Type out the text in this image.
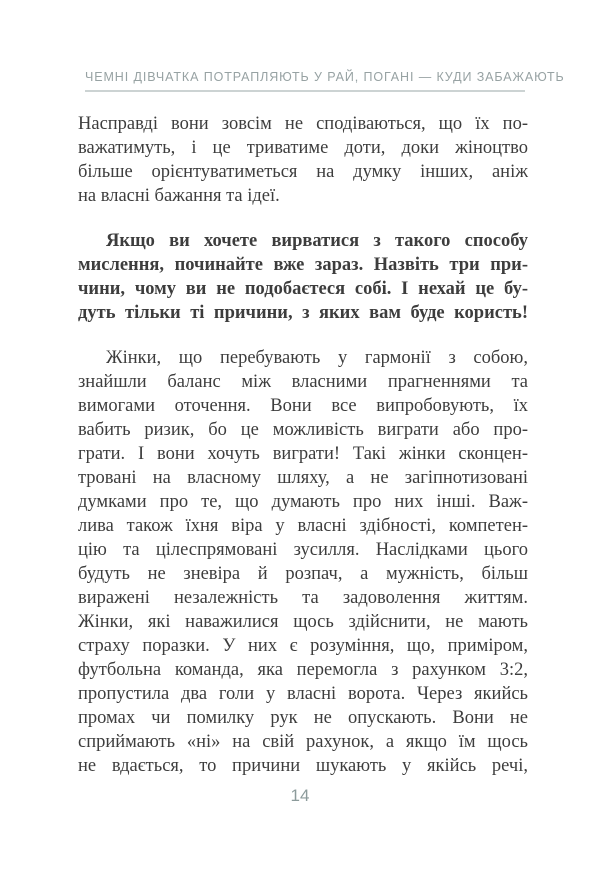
ЧЕМНІ ДІВЧАТКА ПОТРАПЛЯЮТЬ У РАЙ, ПОГАНІ — КУДИ ЗАБАЖАЮТЬ

Насправді вони зовсім не сподіваються, що їх по-
важатимуть, і це триватиме доти, доки жіноцтво
більше орієнтуватиметься на думку інших, аніж
на власні бажання та ідеї.

Якщо ви хочете вирватися з такого способу
мислення, починайте вже зараз. Назвіть три при-
чини, чому ви не подобаєтеся собі. І нехай це бу-
дуть тільки ті причини, з яких вам буде користь!

Жінки, що перебувають у гармонії з собою,
знайшли баланс між власними прагненнями та
вимогами оточення. Вони все випробовують, їх
вабить ризик, бо це можливість виграти або про-
грати. І вони хочуть виграти! Такі жінки сконцен-
тровані на власному шляху, а не загіпнотизовані
думками про те, що думають про них інші. Важ-
лива також їхня віра у власні здібності, компетен-
цію та цілеспрямовані зусилля. Наслідками цього
будуть не зневіра й розпач, а мужність, більш
виражені незалежність та задоволення життям.
Жінки, які наважилися щось здійснити, не мають
страху поразки. У них є розуміння, що, приміром,
футбольна команда, яка перемогла з рахунком 3:2,
пропустила два голи у власні ворота. Через якийсь
промах чи помилку рук не опускають. Вони не
сприймають «ні» на свій рахунок, а якщо їм щось
не вдається, то причини шукають у якійсь речі,

14
